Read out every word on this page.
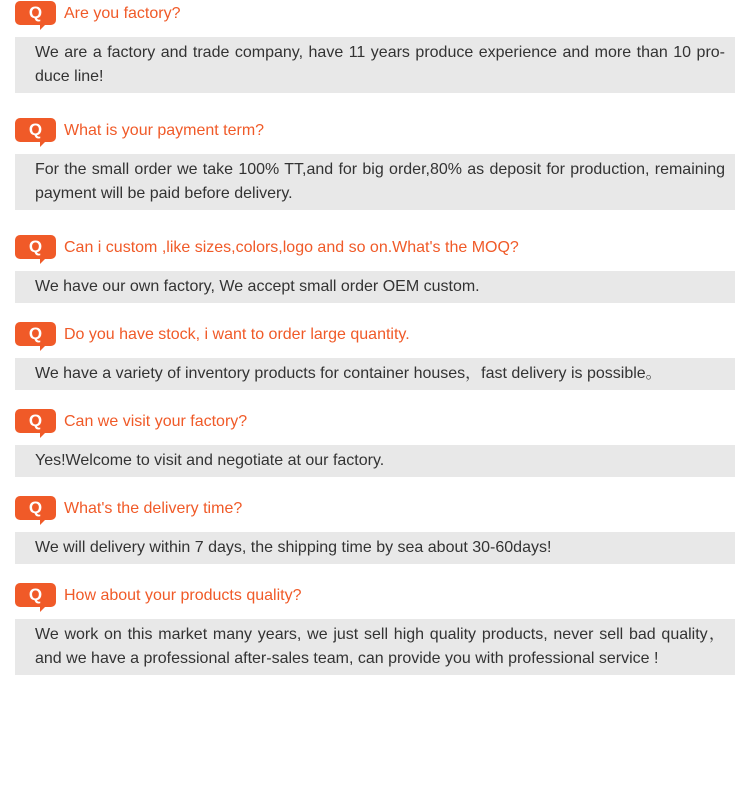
Q	Are you factory?
We are a factory and trade company, have 11 years produce experience and more than 10 pro-duce line!
Q	What is your payment term?
For the small order we take 100% TT,and for big order,80% as deposit for production, remaining payment will be paid before delivery.
Q	Can i custom ,like sizes,colors,logo and so on.What's the MOQ?
We have our own factory, We accept small order OEM custom.
Q	Do you have stock, i want to order large quantity.
We have a variety of inventory products for container houses，fast delivery is possible。
Q	Can we visit your factory?
Yes!Welcome to visit and negotiate at our factory.
Q	What's the delivery time?
We will delivery within 7 days, the shipping time by sea about 30-60days!
Q	How about your products quality?
We work on this market many years, we just sell high quality products, never sell bad quality，and we have a professional after-sales team, can provide you with professional service !
